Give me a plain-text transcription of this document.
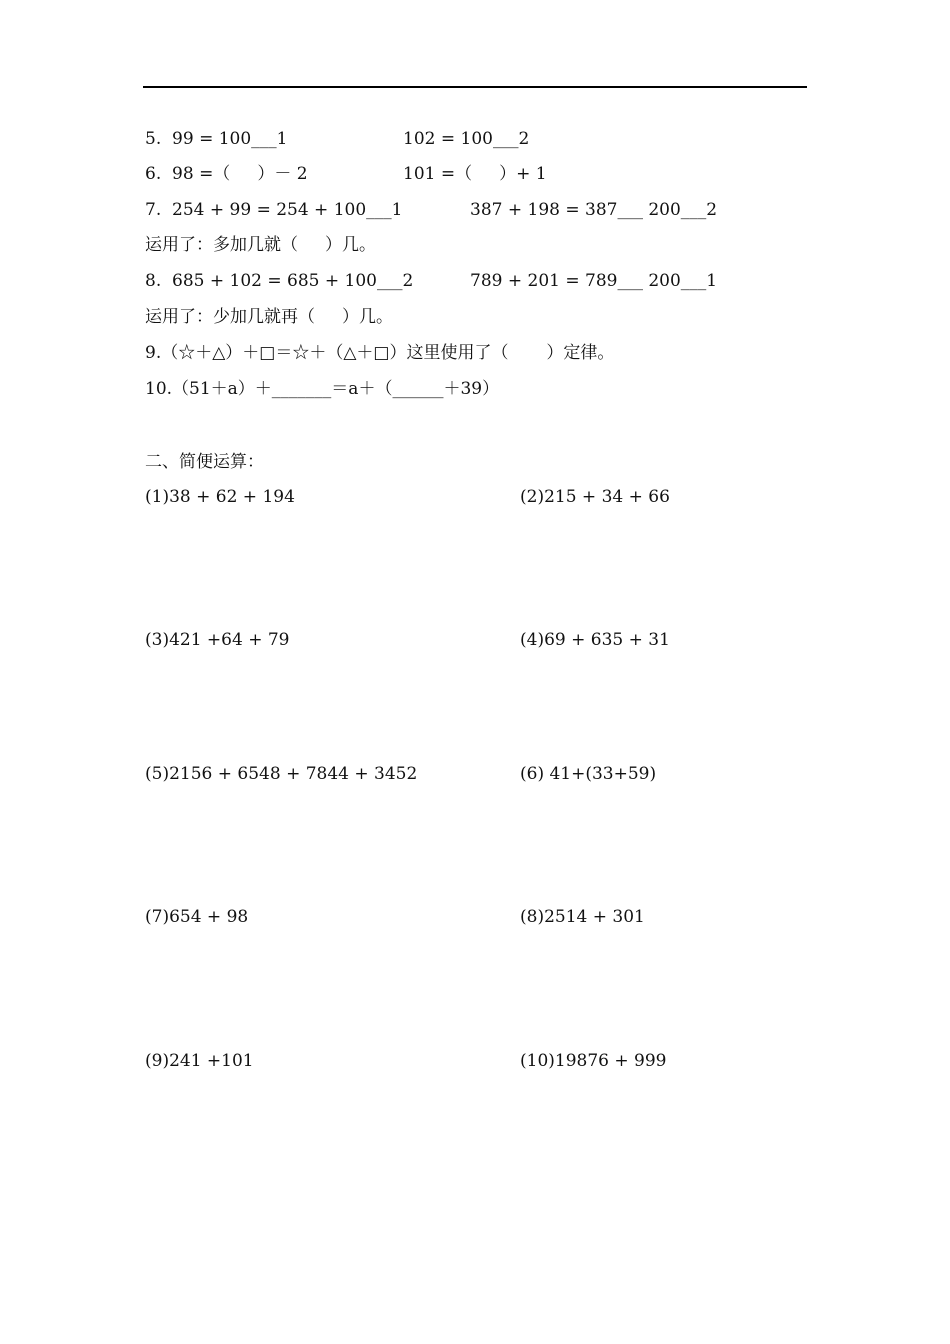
5.  99 = 100___1	102 = 100___2
6.  98 =（     ）－ 2	101 =（     ）+ 1
7.  254 + 99 = 254 + 100___1	387 + 198 = 387___ 200___2
运用了：多加几就（     ）几。
8.  685 + 102 = 685 + 100___2	789 + 201 = 789___ 200___1
运用了：少加几就再（     ）几。
9.（☆＋△）＋□＝☆＋（△＋□）这里使用了（       ）定律。
10.（51＋a）＋_______＝a＋（______＋39）
二、简便运算：
(1)38 + 62 + 194	(2)215 + 34 + 66
(3)421 +64 + 79	(4)69 + 635 + 31
(5)2156 + 6548 + 7844 + 3452	(6) 41+(33+59)
(7)654 + 98	(8)2514 + 301
(9)241 +101	(10)19876 + 999
